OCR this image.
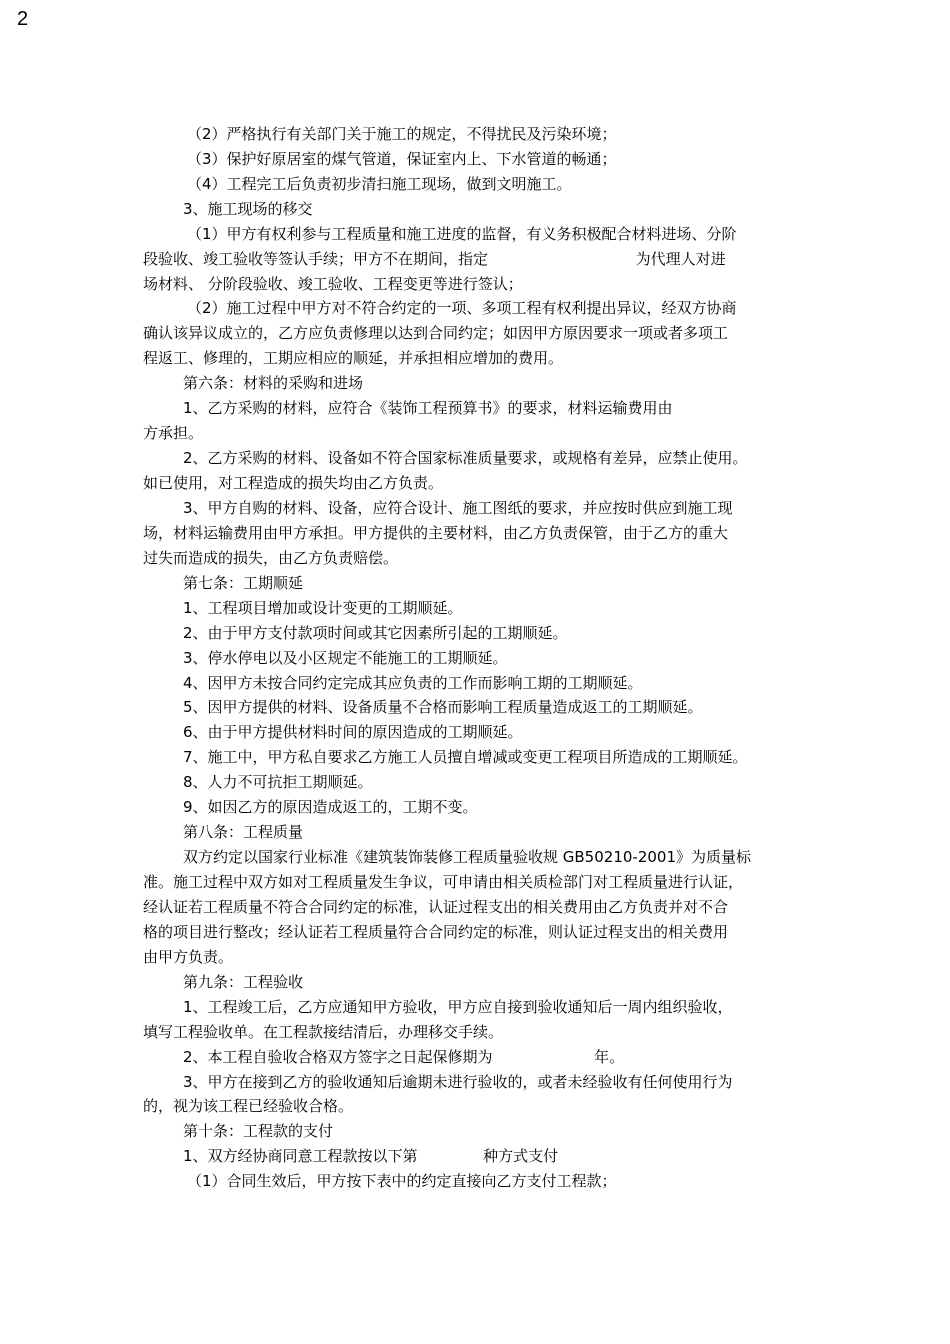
2
（2）严格执行有关部门关于施工的规定，不得扰民及污染环境；
（3）保护好原居室的煤气管道，保证室内上、下水管道的畅通；
（4）工程完工后负责初步清扫施工现场，做到文明施工。
3、施工现场的移交
（1）甲方有权利参与工程质量和施工进度的监督，有义务积极配合材料进场、分阶
段验收、竣工验收等签认手续；甲方不在期间，指定	为代理人对进
场材料、 分阶段验收、竣工验收、工程变更等进行签认；
（2）施工过程中甲方对不符合约定的一项、多项工程有权利提出异议，经双方协商
确认该异议成立的，乙方应负责修理以达到合同约定；如因甲方原因要求一项或者多项工
程返工、修理的，工期应相应的顺延，并承担相应增加的费用。
第六条：材料的采购和进场
1、乙方采购的材料，应符合《装饰工程预算书》的要求，材料运输费用由
方承担。
2、乙方采购的材料、设备如不符合国家标准质量要求，或规格有差异，应禁止使用。
如已使用，对工程造成的损失均由乙方负责。
3、甲方自购的材料、设备，应符合设计、施工图纸的要求，并应按时供应到施工现
场，材料运输费用由甲方承担。甲方提供的主要材料，由乙方负责保管，由于乙方的重大
过失而造成的损失，由乙方负责赔偿。
第七条：工期顺延
1、工程项目增加或设计变更的工期顺延。
2、由于甲方支付款项时间或其它因素所引起的工期顺延。
3、停水停电以及小区规定不能施工的工期顺延。
4、因甲方未按合同约定完成其应负责的工作而影响工期的工期顺延。
5、因甲方提供的材料、设备质量不合格而影响工程质量造成返工的工期顺延。
6、由于甲方提供材料时间的原因造成的工期顺延。
7、施工中，甲方私自要求乙方施工人员擅自增减或变更工程项目所造成的工期顺延。
8、人力不可抗拒工期顺延。
9、如因乙方的原因造成返工的，工期不变。
第八条：工程质量
双方约定以国家行业标准《建筑装饰装修工程质量验收规 GB50210-2001》为质量标
准。施工过程中双方如对工程质量发生争议，可申请由相关质检部门对工程质量进行认证，
经认证若工程质量不符合合同约定的标准，认证过程支出的相关费用由乙方负责并对不合
格的项目进行整改；经认证若工程质量符合合同约定的标准，则认证过程支出的相关费用
由甲方负责。
第九条：工程验收
1、工程竣工后，乙方应通知甲方验收，甲方应自接到验收通知后一周内组织验收，
填写工程验收单。在工程款接结清后，办理移交手续。
2、本工程自验收合格双方签字之日起保修期为	年。
3、甲方在接到乙方的验收通知后逾期未进行验收的，或者未经验收有任何使用行为
的，视为该工程已经验收合格。
第十条：工程款的支付
1、双方经协商同意工程款按以下第	种方式支付
（1）合同生效后，甲方按下表中的约定直接向乙方支付工程款；
